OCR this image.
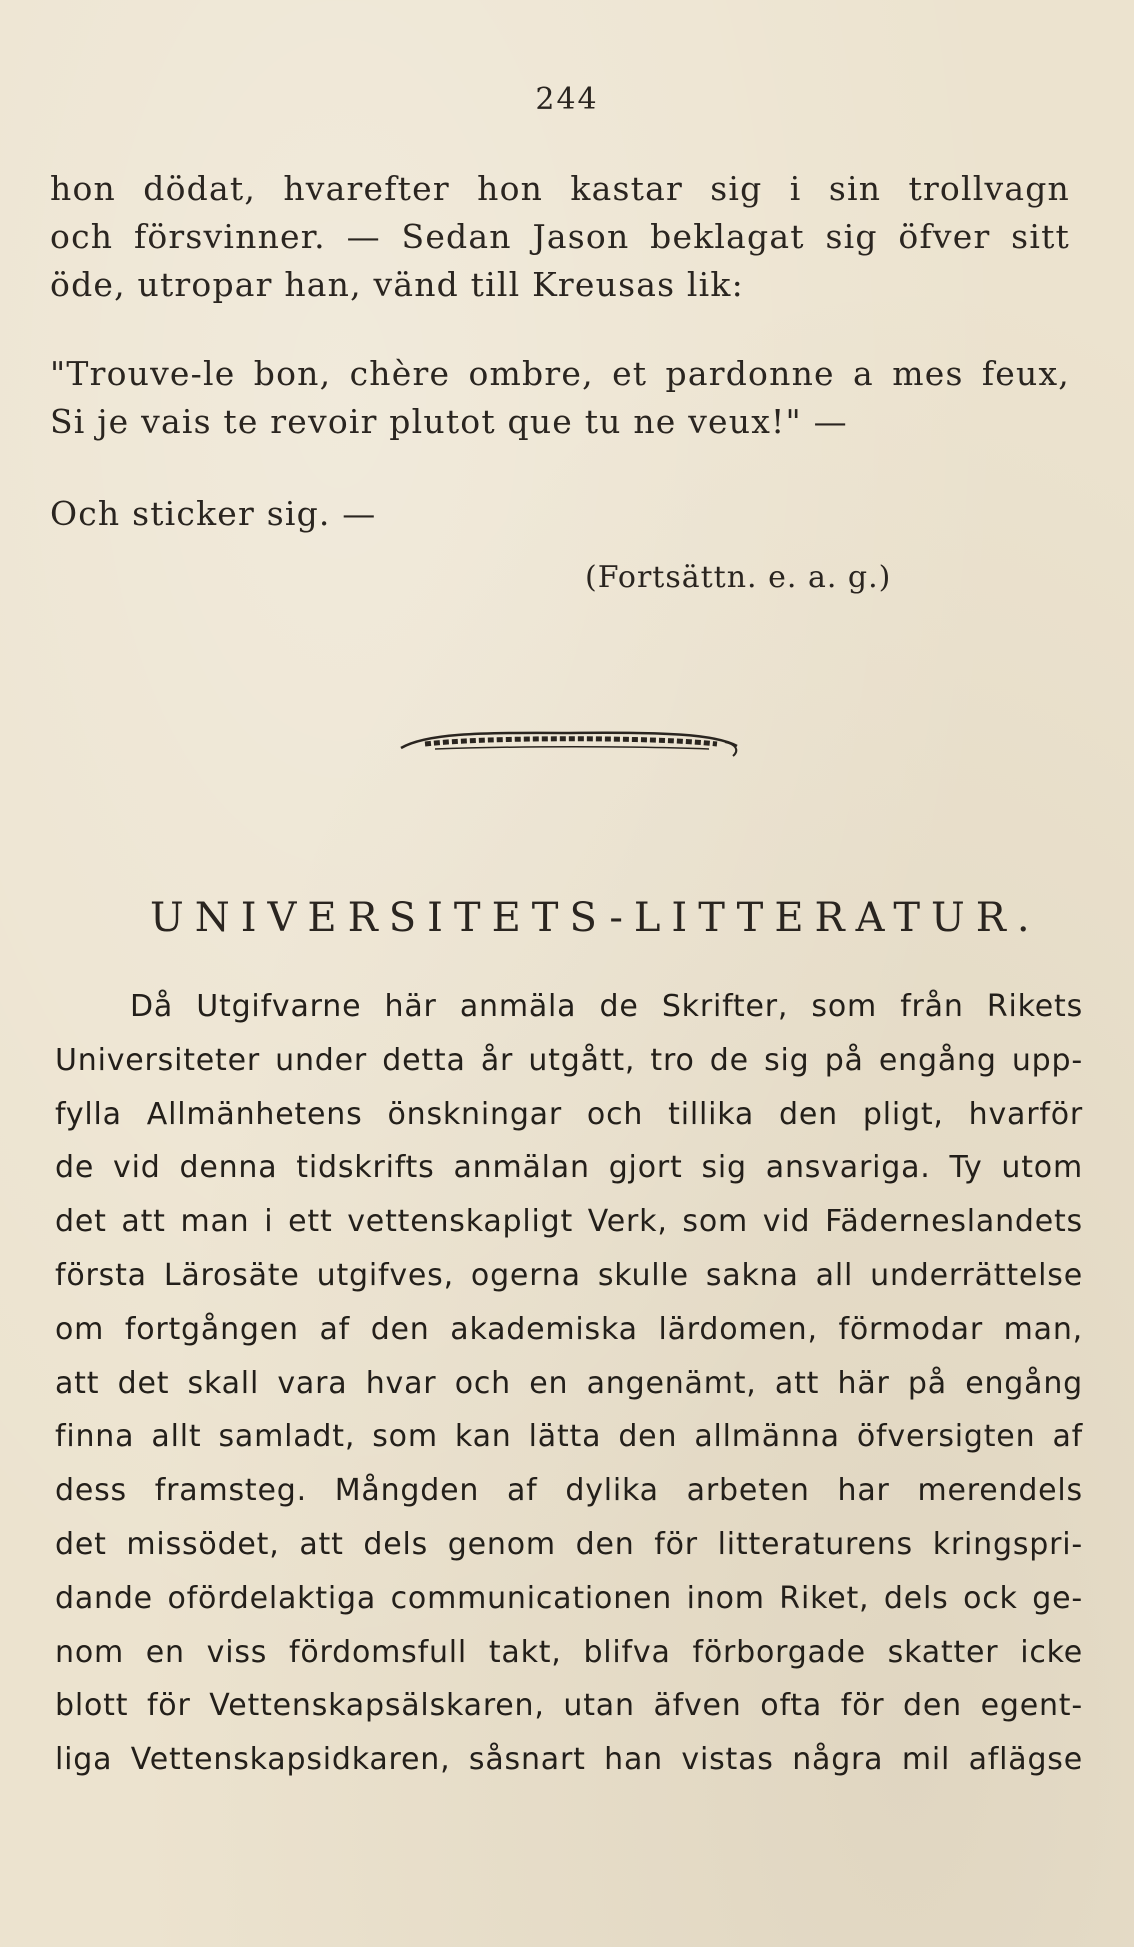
244
hon dödat, hvarefter hon kastar sig i sin trollvagn
och försvinner. — Sedan Jason beklagat sig öfver sitt
öde, utropar han, vänd till Kreusas lik:
"Trouve-le bon, chère ombre, et pardonne a mes feux,
Si je vais te revoir plutot que tu ne veux!" —
Och sticker sig. —
(Fortsättn. e. a. g.)
UNIVERSITETS-LITTERATUR.
Då Utgifvarne här anmäla de Skrifter, som från Rikets
Universiteter under detta år utgått, tro de sig på engång upp-
fylla Allmänhetens önskningar och tillika den pligt, hvarför
de vid denna tidskrifts anmälan gjort sig ansvariga. Ty utom
det att man i ett vettenskapligt Verk, som vid Fäderneslandets
första Lärosäte utgifves, ogerna skulle sakna all underrättelse
om fortgången af den akademiska lärdomen, förmodar man,
att det skall vara hvar och en angenämt, att här på engång
finna allt samladt, som kan lätta den allmänna öfversigten af
dess framsteg. Mångden af dylika arbeten har merendels
det missödet, att dels genom den för litteraturens kringspri-
dande ofördelaktiga communicationen inom Riket, dels ock ge-
nom en viss fördomsfull takt, blifva förborgade skatter icke
blott för Vettenskapsälskaren, utan äfven ofta för den egent-
liga Vettenskapsidkaren, såsnart han vistas några mil aflägse
